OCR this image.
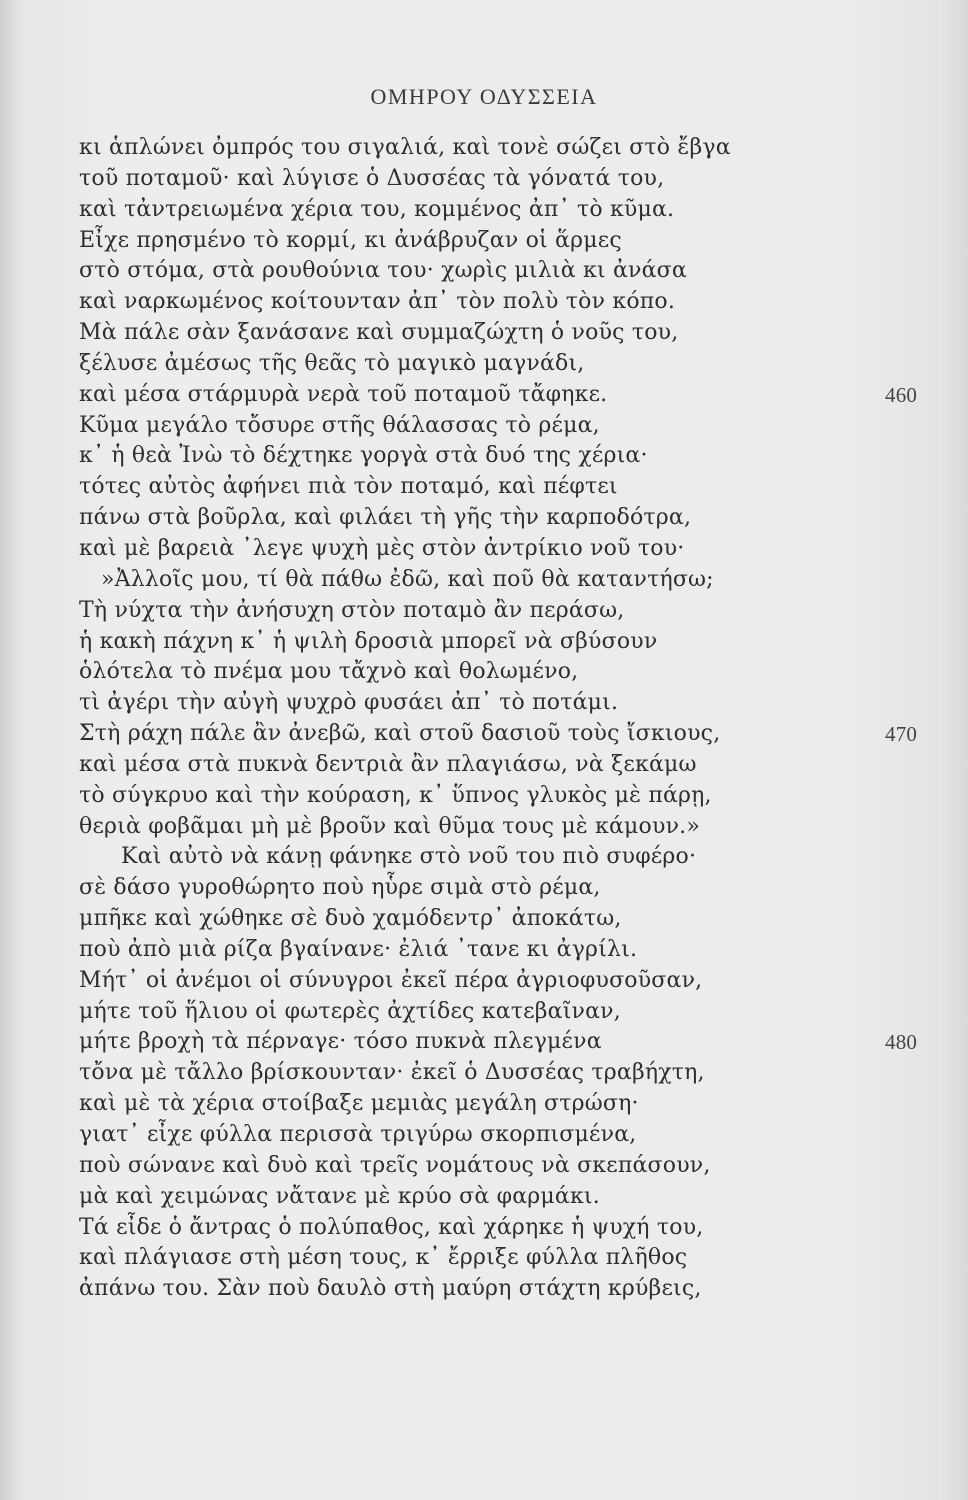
ΟΜΗΡΟΥ ΟΔΥΣΣΕΙΑ
κι ἁπλώνει ὀμπρός του σιγαλιά, καὶ τονὲ σώζει στὸ ἔβγα
τοῦ ποταμοῦ· καὶ λύγισε ὁ Δυσσέας τὰ γόνατά του,
καὶ τἀντρειωμένα χέρια του, κομμένος ἀπ᾽ τὸ κῦμα.
Εἶχε πρησμένο τὸ κορμί, κι ἀνάβρυζαν οἱ ἅρμες
στὸ στόμα, στὰ ρουθούνια του· χωρὶς μιλιὰ κι ἀνάσα
καὶ ναρκωμένος κοίτουνταν ἀπ᾽ τὸν πολὺ τὸν κόπο.
Μὰ πάλε σὰν ξανάσανε καὶ συμμαζώχτη ὁ νοῦς του,
ξέλυσε ἀμέσως τῆς θεᾶς τὸ μαγικὸ μαγνάδι,
καὶ μέσα στάρμυρὰ νερὰ τοῦ ποταμοῦ τἄφηκε.	460
Κῦμα μεγάλο τὄσυρε στῆς θάλασσας τὸ ρέμα,
κ᾽ ἡ θεὰ Ἰνὼ τὸ δέχτηκε γοργὰ στὰ δυό της χέρια·
τότες αὐτὸς ἀφήνει πιὰ τὸν ποταμό, καὶ πέφτει
πάνω στὰ βοῦρλα, καὶ φιλάει τὴ γῆς τὴν καρποδότρα,
καὶ μὲ βαρειὰ ᾽λεγε ψυχὴ μὲς στὸν ἀντρίκιο νοῦ του·
»Ἀλλοῖς μου, τί θὰ πάθω ἐδῶ, καὶ ποῦ θὰ καταντήσω;
Τὴ νύχτα τὴν ἀνήσυχη στὸν ποταμὸ ἂν περάσω,
ἡ κακὴ πάχνη κ᾽ ἡ ψιλὴ δροσιὰ μπορεῖ νὰ σβύσουν
ὁλότελα τὸ πνέμα μου τἄχνὸ καὶ θολωμένο,
τὶ ἀγέρι τὴν αὐγὴ ψυχρὸ φυσάει ἀπ᾽ τὸ ποτάμι.
Στὴ ράχη πάλε ἂν ἀνεβῶ, καὶ στοῦ δασιοῦ τοὺς ἴσκιους,	470
καὶ μέσα στὰ πυκνὰ δεντριὰ ἂν πλαγιάσω, νὰ ξεκάμω
τὸ σύγκρυο καὶ τὴν κούραση, κ᾽ ὕπνος γλυκὸς μὲ πάρῃ,
θεριὰ φοβᾶμαι μὴ μὲ βροῦν καὶ θῦμα τους μὲ κάμουν.»
Καὶ αὐτὸ νὰ κάνῃ φάνηκε στὸ νοῦ του πιὸ συφέρο·
σὲ δάσο γυροθώρητο ποὺ ηὗρε σιμὰ στὸ ρέμα,
μπῆκε καὶ χώθηκε σὲ δυὸ χαμόδεντρ᾽ ἀποκάτω,
ποὺ ἀπὸ μιὰ ρίζα βγαίνανε· ἐλιά ᾽τανε κι ἀγρίλι.
Μήτ᾽ οἱ ἀνέμοι οἱ σύνυγροι ἐκεῖ πέρα ἀγριοφυσοῦσαν,
μήτε τοῦ ἥλιου οἱ φωτερὲς ἀχτίδες κατεβαῖναν,
μήτε βροχὴ τὰ πέρναγε· τόσο πυκνὰ πλεγμένα	480
τὄνα μὲ τἄλλο βρίσκουνταν· ἐκεῖ ὁ Δυσσέας τραβήχτη,
καὶ μὲ τὰ χέρια στοίβαξε μεμιὰς μεγάλη στρώση·
γιατ᾽ εἶχε φύλλα περισσὰ τριγύρω σκορπισμένα,
ποὺ σώνανε καὶ δυὸ καὶ τρεῖς νομάτους νὰ σκεπάσουν,
μὰ καὶ χειμώνας νἄτανε μὲ κρύο σὰ φαρμάκι.
Τά εἶδε ὁ ἄντρας ὁ πολύπαθος, καὶ χάρηκε ἡ ψυχή του,
καὶ πλάγιασε στὴ μέση τους, κ᾽ ἔρριξε φύλλα πλῆθος
ἀπάνω του. Σὰν ποὺ δαυλὸ στὴ μαύρη στάχτη κρύβεις,
